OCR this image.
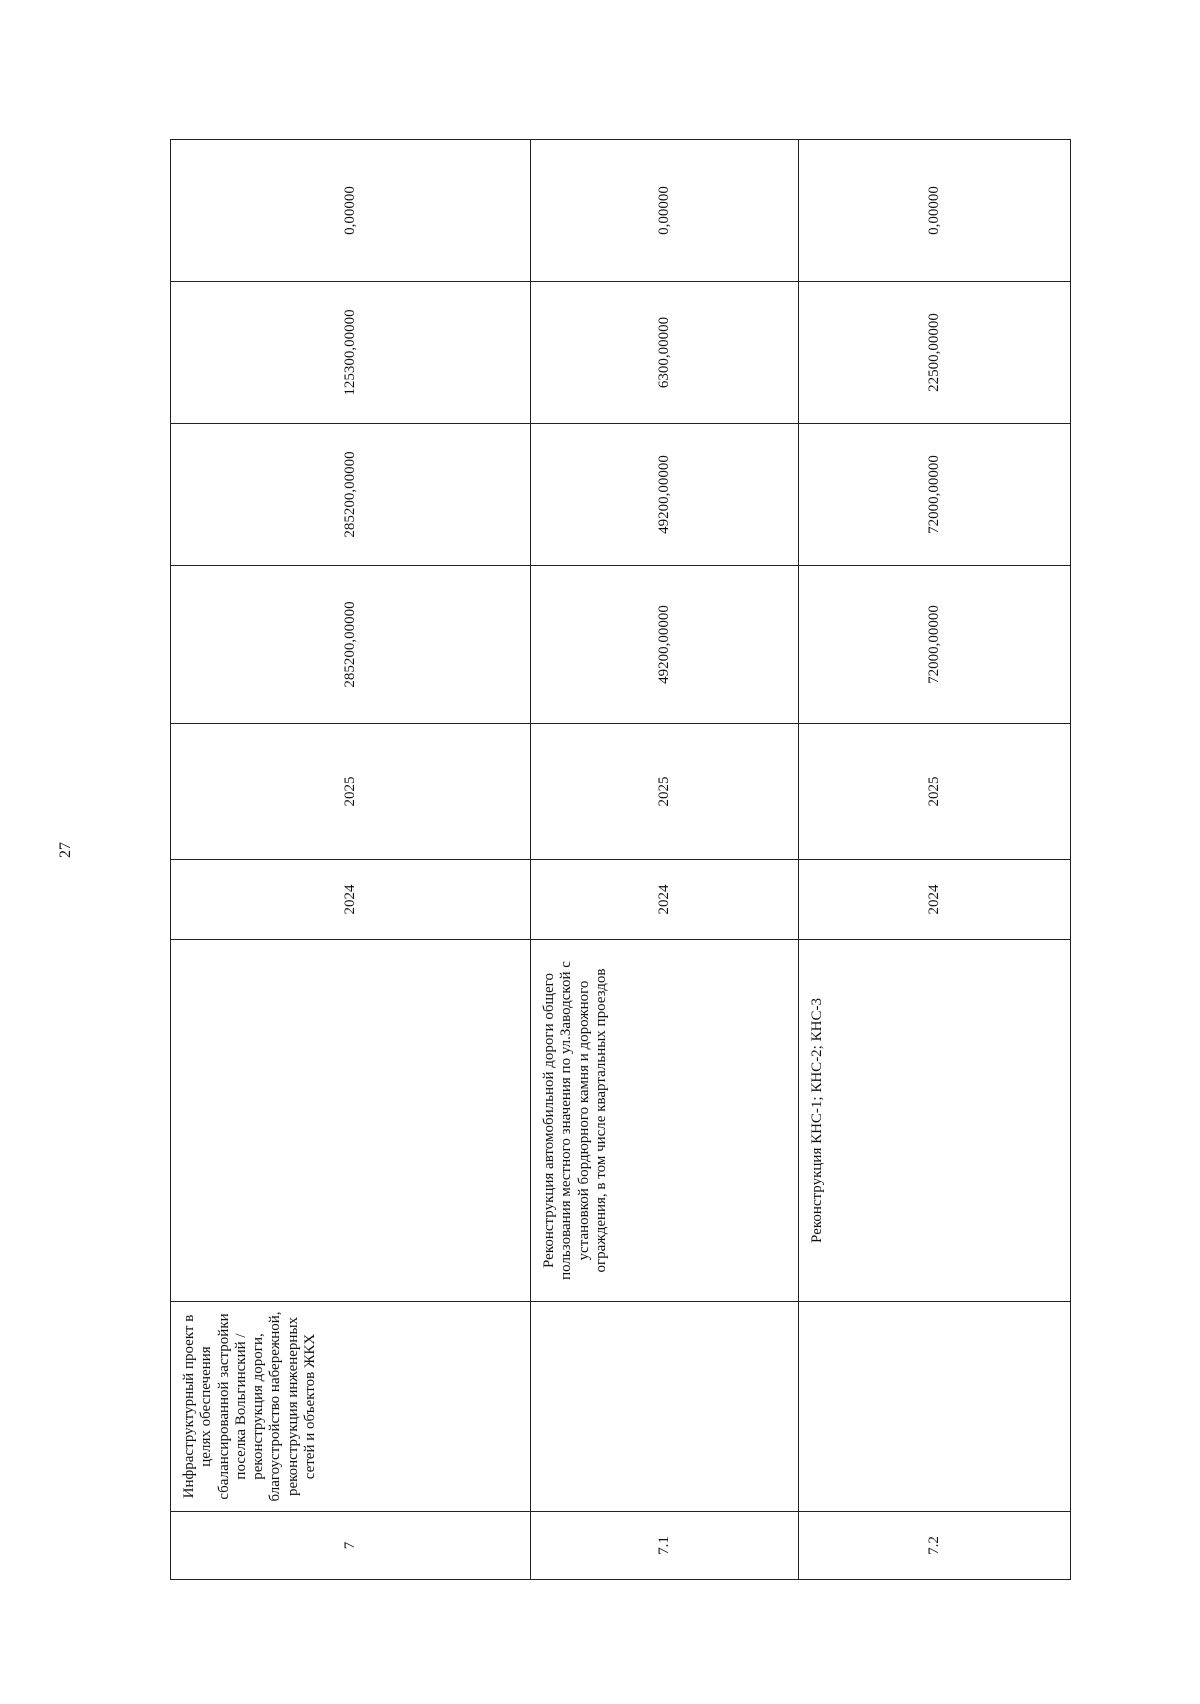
27
7	Инфраструктурный проект в целях обеспечения сбалансированной застройки поселка Вольгинский / реконструкция дороги, благоустройство набережной, реконструкция инженерных сетей и объектов ЖКХ		2024	2025	285200,00000	285200,00000	125300,00000	0,00000
7.1		Реконструкция автомобильной дороги общего пользования местного значения по ул.Заводской с установкой бордюрного камня и дорожного ограждения, в том числе квартальных проездов	2024	2025	49200,00000	49200,00000	6300,00000	0,00000
7.2		Реконструкция КНС-1; КНС-2; КНС-3	2024	2025	72000,00000	72000,00000	22500,00000	0,00000
